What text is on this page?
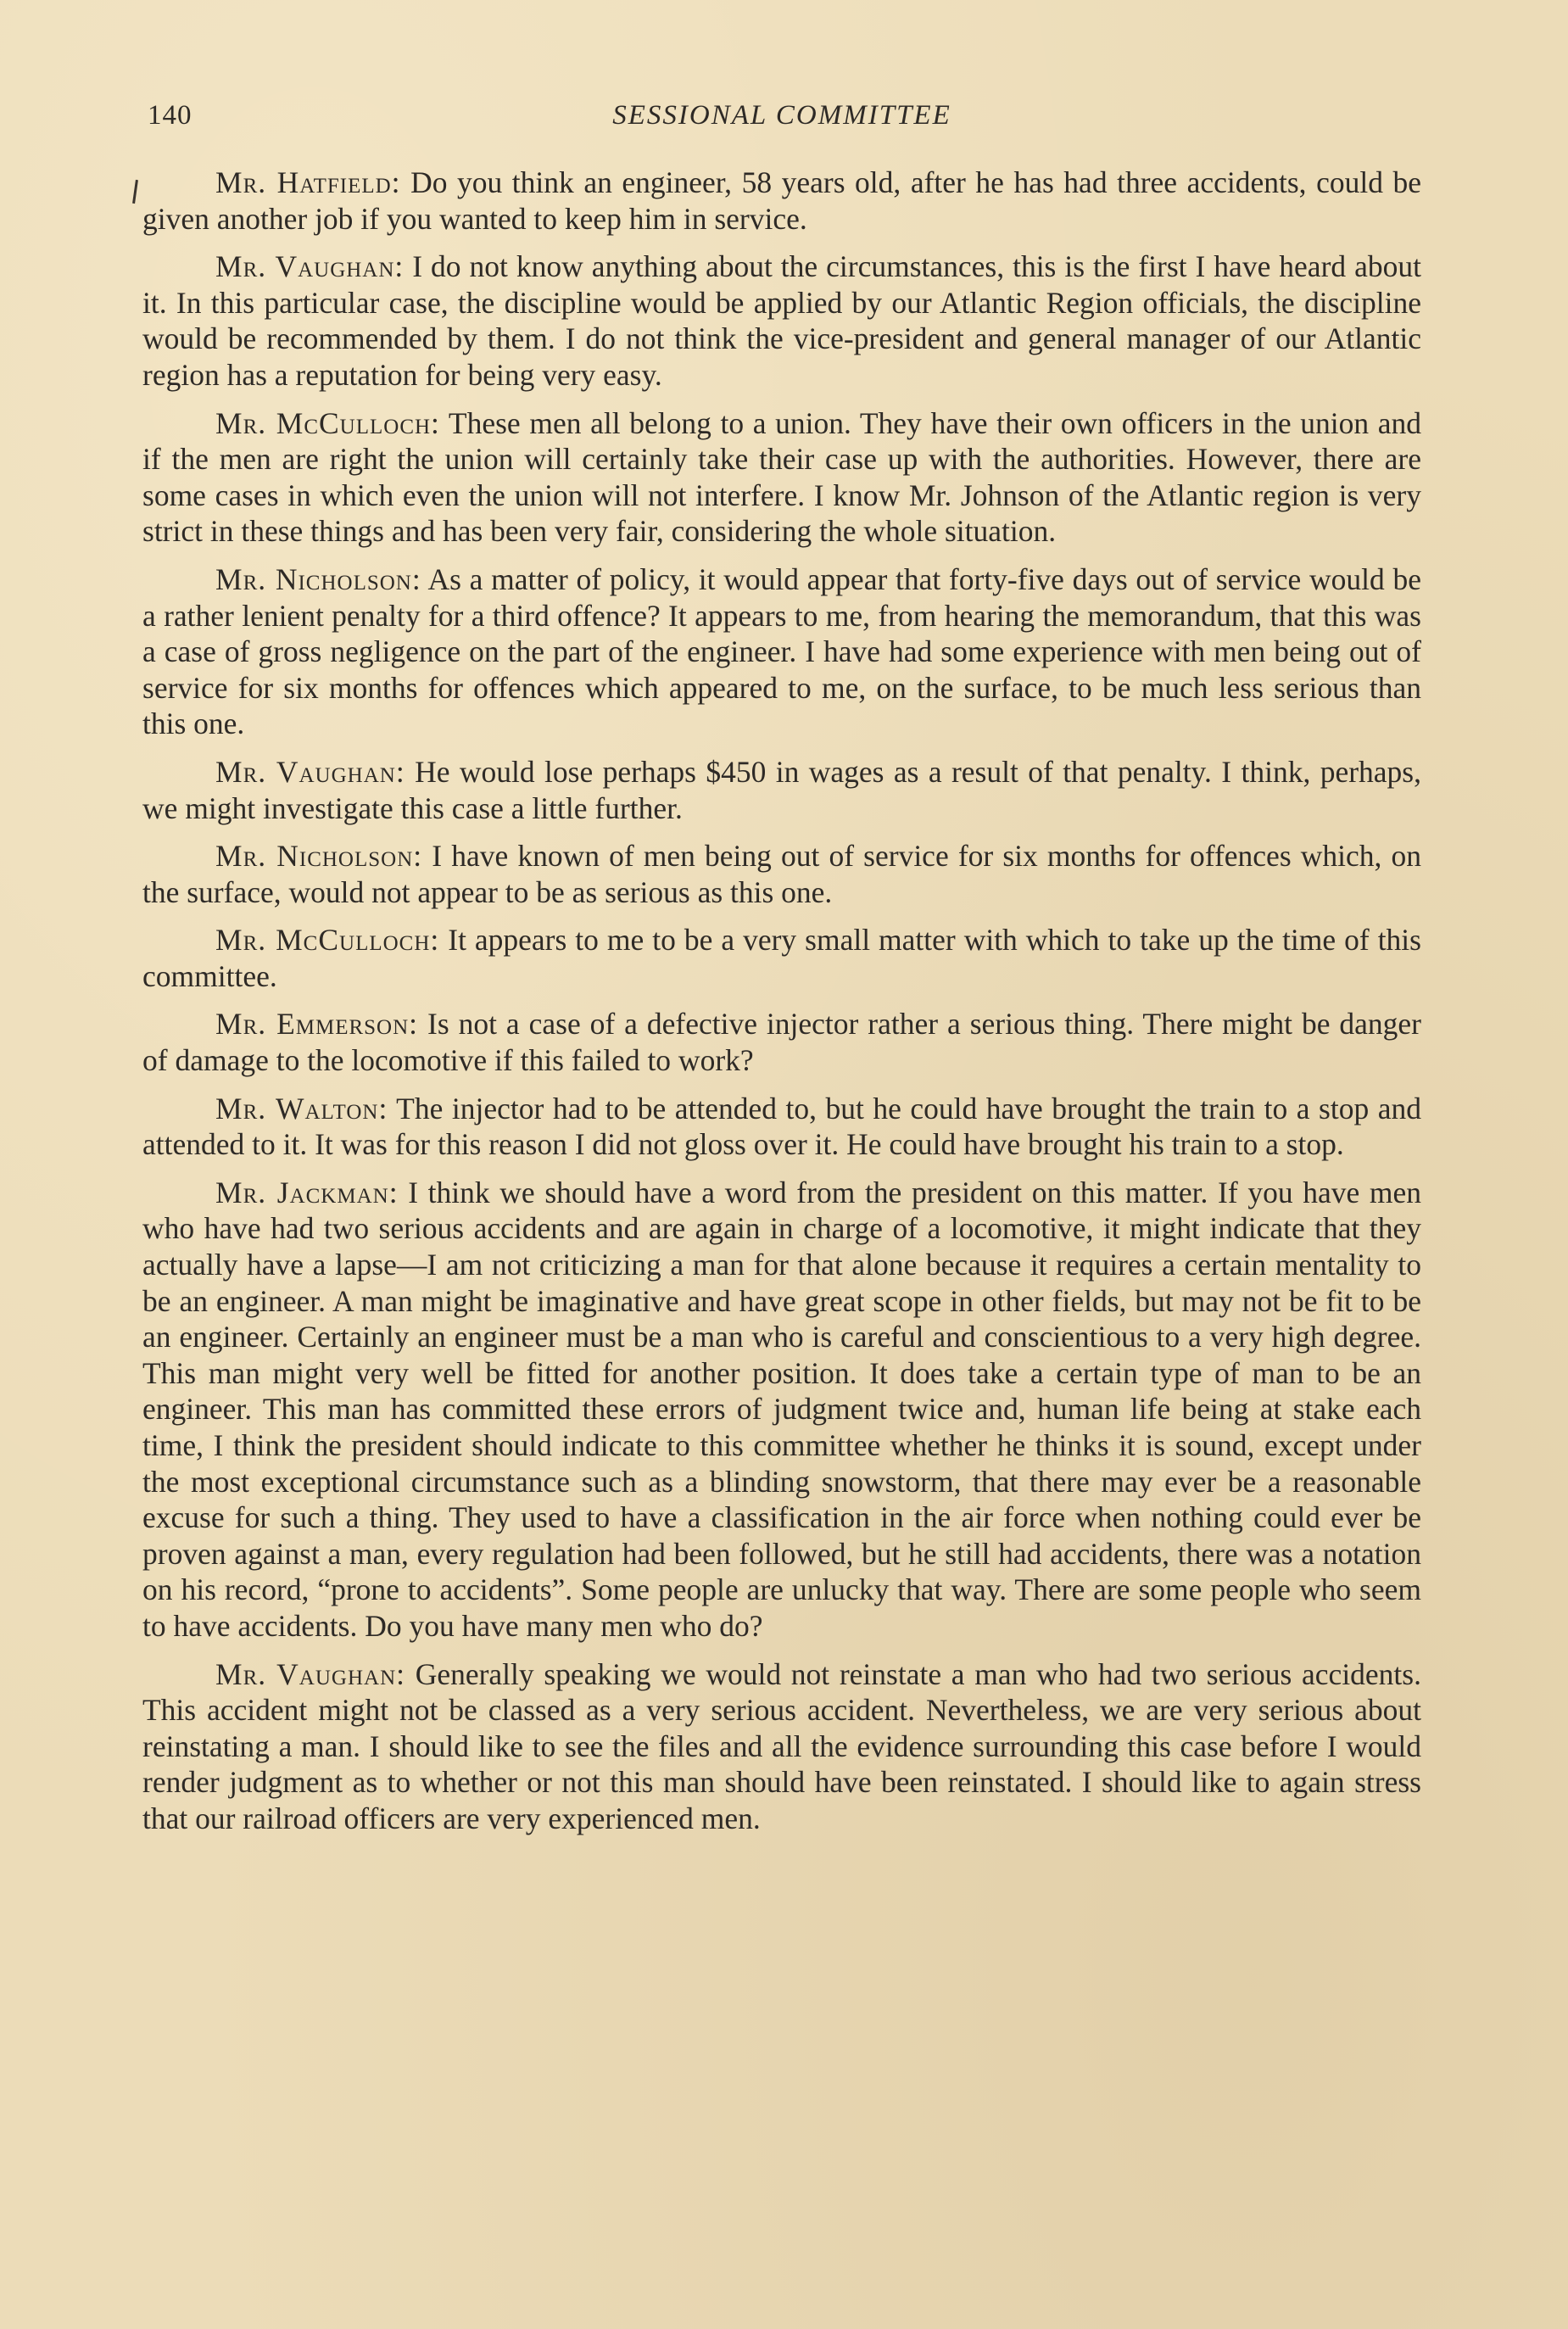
140	SESSIONAL COMMITTEE

Mr. Hatfield: Do you think an engineer, 58 years old, after he has had three accidents, could be given another job if you wanted to keep him in service.

Mr. Vaughan: I do not know anything about the circumstances, this is the first I have heard about it. In this particular case, the discipline would be applied by our Atlantic Region officials, the discipline would be recommended by them. I do not think the vice-president and general manager of our Atlantic region has a reputation for being very easy.

Mr. McCulloch: These men all belong to a union. They have their own officers in the union and if the men are right the union will certainly take their case up with the authorities. However, there are some cases in which even the union will not interfere. I know Mr. Johnson of the Atlantic region is very strict in these things and has been very fair, considering the whole situation.

Mr. Nicholson: As a matter of policy, it would appear that forty-five days out of service would be a rather lenient penalty for a third offence? It appears to me, from hearing the memorandum, that this was a case of gross negligence on the part of the engineer. I have had some experience with men being out of service for six months for offences which appeared to me, on the surface, to be much less serious than this one.

Mr. Vaughan: He would lose perhaps $450 in wages as a result of that penalty. I think, perhaps, we might investigate this case a little further.

Mr. Nicholson: I have known of men being out of service for six months for offences which, on the surface, would not appear to be as serious as this one.

Mr. McCulloch: It appears to me to be a very small matter with which to take up the time of this committee.

Mr. Emmerson: Is not a case of a defective injector rather a serious thing. There might be danger of damage to the locomotive if this failed to work?

Mr. Walton: The injector had to be attended to, but he could have brought the train to a stop and attended to it. It was for this reason I did not gloss over it. He could have brought his train to a stop.

Mr. Jackman: I think we should have a word from the president on this matter. If you have men who have had two serious accidents and are again in charge of a locomotive, it might indicate that they actually have a lapse—I am not criticizing a man for that alone because it requires a certain mentality to be an engineer. A man might be imaginative and have great scope in other fields, but may not be fit to be an engineer. Certainly an engineer must be a man who is careful and conscientious to a very high degree. This man might very well be fitted for another position. It does take a certain type of man to be an engineer. This man has committed these errors of judgment twice and, human life being at stake each time, I think the president should indicate to this committee whether he thinks it is sound, except under the most exceptional circumstance such as a blinding snowstorm, that there may ever be a reasonable excuse for such a thing. They used to have a classification in the air force when nothing could ever be proven against a man, every regulation had been followed, but he still had accidents, there was a notation on his record, “prone to accidents”. Some people are unlucky that way. There are some people who seem to have accidents. Do you have many men who do?

Mr. Vaughan: Generally speaking we would not reinstate a man who had two serious accidents. This accident might not be classed as a very serious accident. Nevertheless, we are very serious about reinstating a man. I should like to see the files and all the evidence surrounding this case before I would render judgment as to whether or not this man should have been reinstated. I should like to again stress that our railroad officers are very experienced men.
